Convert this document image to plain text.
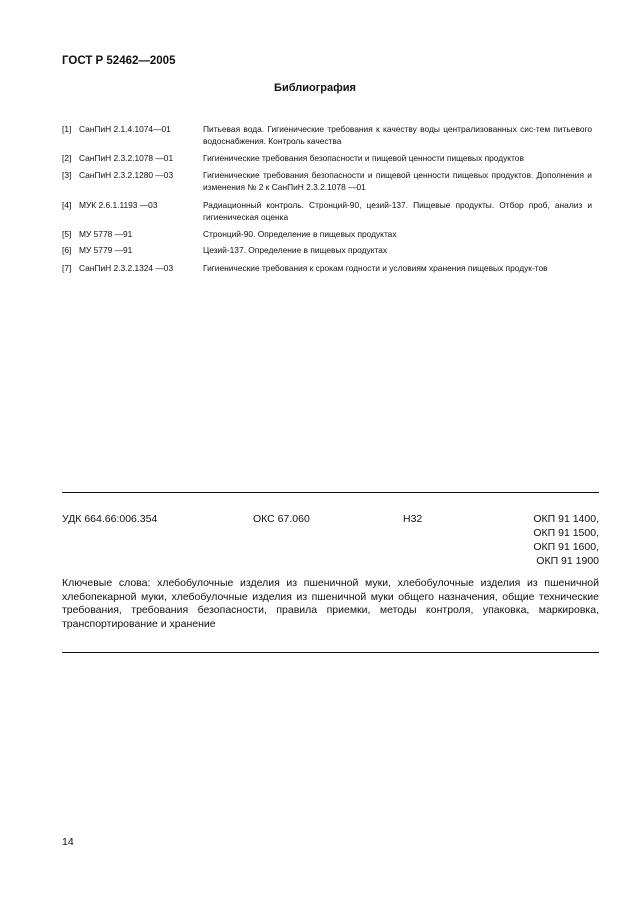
ГОСТ Р 52462—2005
Библиография
[1] СанПиН 2.1.4.1074—01	Питьевая вода. Гигиенические требования к качеству воды централизованных сис-тем питьевого водоснабжения. Контроль качества
[2] СанПиН 2.3.2.1078 —01	Гигиенические требования безопасности и пищевой ценности пищевых продуктов
[3] СанПиН 2.3.2.1280 —03	Гигиенические требования безопасности и пищевой ценности пищевых продуктов. Дополнения и изменения № 2 к СанПиН 2.3.2.1078 —01
[4] МУК 2.6.1.1193 —03	Радиационный контроль. Стронций-90, цезий-137. Пищевые продукты. Отбор проб, анализ и гигиеническая оценка
[5] МУ 5778 —91	Стронций-90. Определение в пищевых продуктах
[6] МУ 5779 —91	Цезий-137. Определение в пищевых продуктах
[7] СанПиН 2.3.2.1324 —03	Гигиенические требования к срокам годности и условиям хранения пищевых продук-тов
УДК 664.66:006.354	ОКС 67.060	Н32	ОКП 91 1400,
ОКП 91 1500,
ОКП 91 1600,
ОКП 91 1900
Ключевые слова: хлебобулочные изделия из пшеничной муки, хлебобулочные изделия из пшеничной хлебопекарной муки, хлебобулочные изделия из пшеничной муки общего назначения, общие технические требования, требования безопасности, правила приемки, методы контроля, упаковка, маркировка, транспортирование и хранение
14
